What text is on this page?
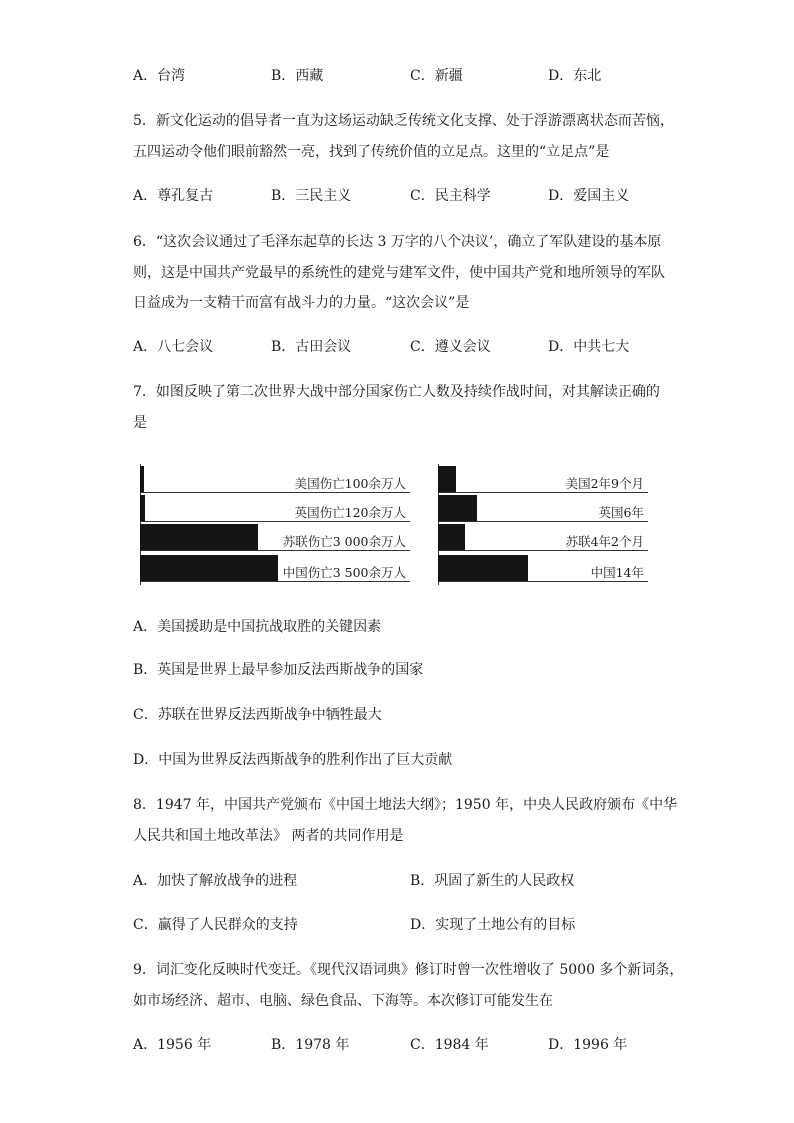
A．台湾	B．西藏	C．新疆	D．东北
5．新文化运动的倡导者一直为这场运动缺乏传统文化支撑、处于浮游漂离状态而苦恼，
五四运动令他们眼前豁然一亮，找到了传统价值的立足点。这里的“立足点”是
A．尊孔复古	B．三民主义	C．民主科学	D．爱国主义
6．“这次会议通过了毛泽东起草的长达 3 万字的八个决议’，确立了军队建设的基本原
则，这是中国共产党最早的系统性的建党与建军文件，使中国共产党和地所领导的军队
日益成为一支精干而富有战斗力的力量。“这次会议”是
A．八七会议	B．古田会议	C．遵义会议	D．中共七大
7．如图反映了第二次世界大战中部分国家伤亡人数及持续作战时间，对其解读正确的
是
美国伤亡100余万人
英国伤亡120余万人
苏联伤亡3 000余万人
中国伤亡3 500余万人
美国2年9个月
英国6年
苏联4年2个月
中国14年
A．美国援助是中国抗战取胜的关键因素
B．英国是世界上最早参加反法西斯战争的国家
C．苏联在世界反法西斯战争中牺牲最大
D．中国为世界反法西斯战争的胜利作出了巨大贡献
8．1947 年，中国共产党颁布《中国土地法大纲》；1950 年，中央人民政府颁布《中华
人民共和国土地改革法》 两者的共同作用是
A．加快了解放战争的进程	B．巩固了新生的人民政权
C．赢得了人民群众的支持	D．实现了土地公有的目标
9．词汇变化反映时代变迁。《现代汉语词典》修订时曾一次性增收了 5000 多个新词条，
如市场经济、超市、电脑、绿色食品、下海等。本次修订可能发生在
A．1956 年	B．1978 年	C．1984 年	D．1996 年
